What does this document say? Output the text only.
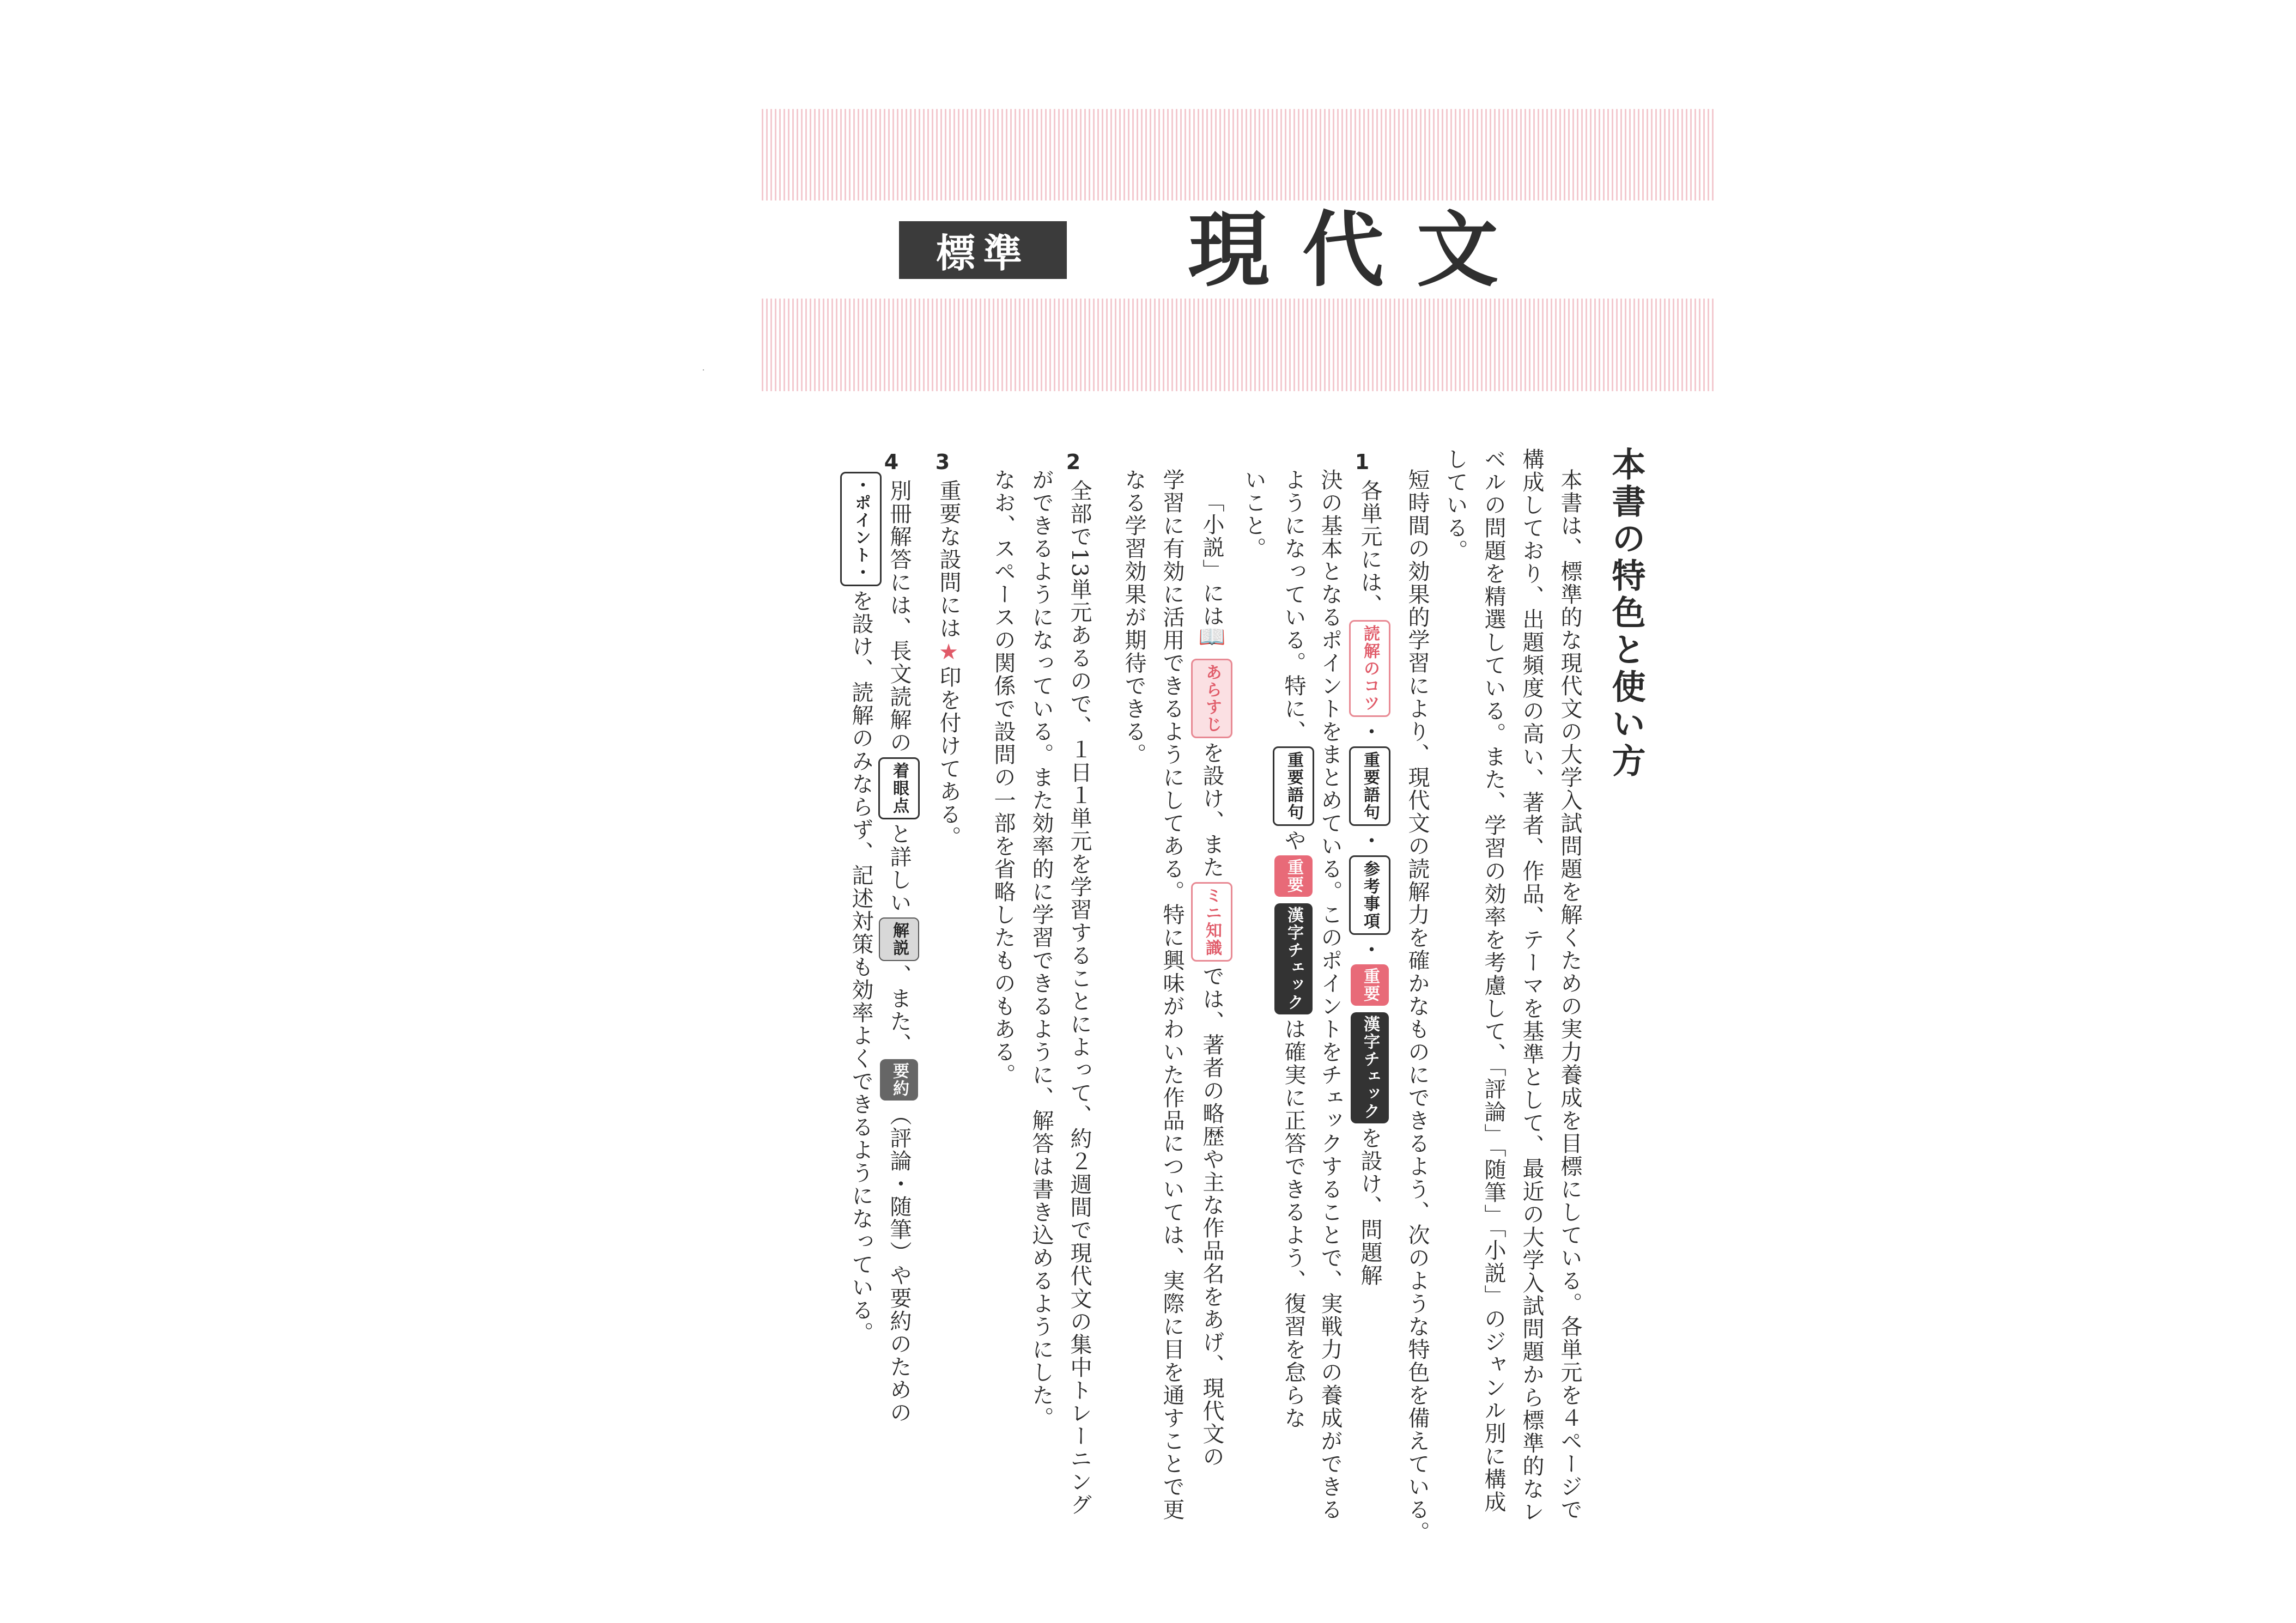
標準	現代文
本書の特色と使い方
本書は、標準的な現代文の大学入試問題を解くための実力養成を目標にしている。各単元を４ページで
構成しており、出題頻度の高い、著者、作品、テーマを基準として、最近の大学入試問題から標準的なレ
ベルの問題を精選している。また、学習の効率を考慮して、「評論」「随筆」「小説」のジャンル別に構成
している。
短時間の効果的学習により、現代文の読解力を確かなものにできるよう、次のような特色を備えている。
1
各単元には、読解のコツ・重要語句・参考事項・重要漢字チェックを設け、問題解
決の基本となるポイントをまとめている。このポイントをチェックすることで、実戦力の養成ができる
ようになっている。特に、重要語句や重要漢字チェックは確実に正答できるよう、復習を怠らな
いこと。
「小説」には📖あらすじを設け、またミニ知識では、著者の略歴や主な作品名をあげ、現代文の
学習に有効に活用できるようにしてある。特に興味がわいた作品については、実際に目を通すことで更
なる学習効果が期待できる。
2
全部で13単元あるので、１日１単元を学習することによって、約２週間で現代文の集中トレーニング
ができるようになっている。また効率的に学習できるように、解答は書き込めるようにした。
なお、スペースの関係で設問の一部を省略したものもある。
3
重要な設問には★印を付けてある。
4
別冊解答には、長文読解の着眼点と詳しい解説、また、要約（評論・随筆）や要約のための
・ポイント・を設け、読解のみならず、記述対策も効率よくできるようになっている。
